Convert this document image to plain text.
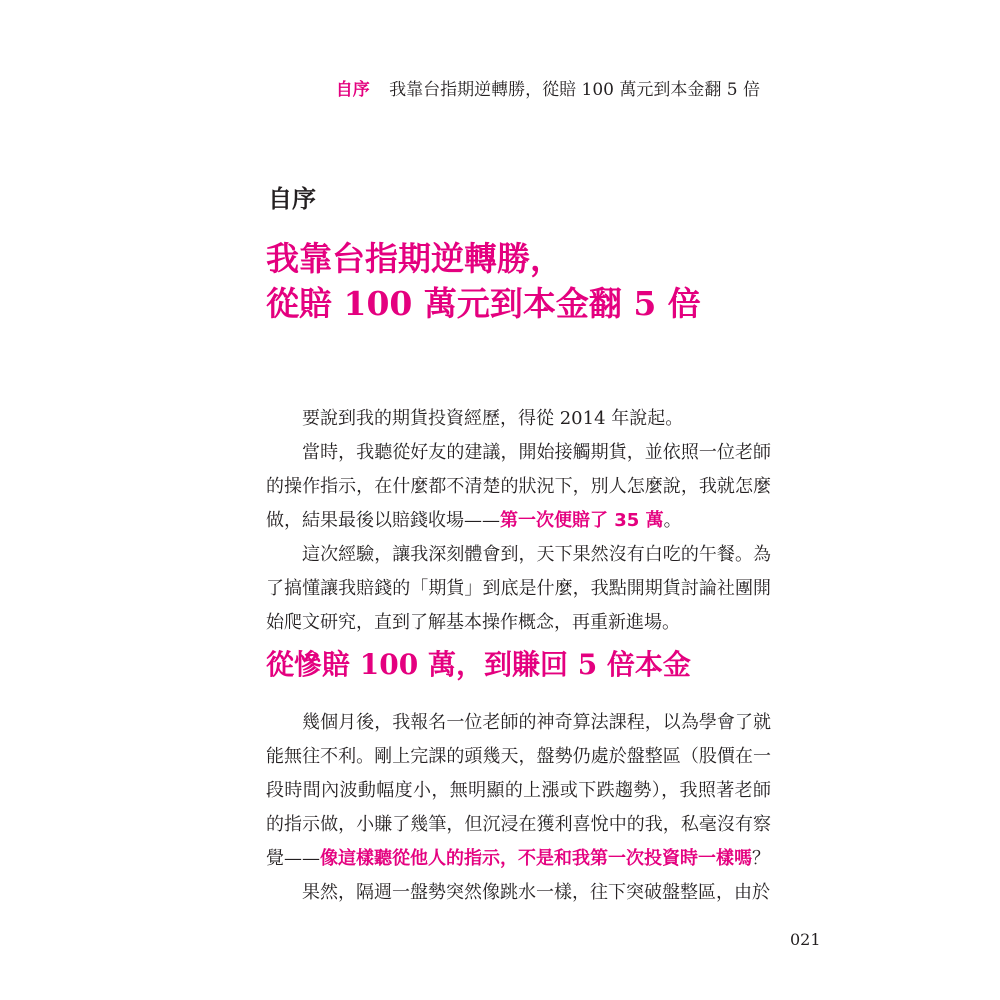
自序 我靠台指期逆轉勝，從賠 100 萬元到本金翻 5 倍
自序
我靠台指期逆轉勝，
從賠 100 萬元到本金翻 5 倍
要說到我的期貨投資經歷，得從 2014 年說起。
當時，我聽從好友的建議，開始接觸期貨，並依照一位老師的操作指示，在什麼都不清楚的狀況下，別人怎麼說，我就怎麼做，結果最後以賠錢收場——第一次便賠了 35 萬。
這次經驗，讓我深刻體會到，天下果然沒有白吃的午餐。為了搞懂讓我賠錢的「期貨」到底是什麼，我點開期貨討論社團開始爬文研究，直到了解基本操作概念，再重新進場。
從慘賠 100 萬，到賺回 5 倍本金
幾個月後，我報名一位老師的神奇算法課程，以為學會了就能無往不利。剛上完課的頭幾天，盤勢仍處於盤整區（股價在一段時間內波動幅度小，無明顯的上漲或下跌趨勢），我照著老師的指示做，小賺了幾筆，但沉浸在獲利喜悅中的我，私毫沒有察覺——像這樣聽從他人的指示，不是和我第一次投資時一樣嗎？
果然，隔週一盤勢突然像跳水一樣，往下突破盤整區，由於
021
